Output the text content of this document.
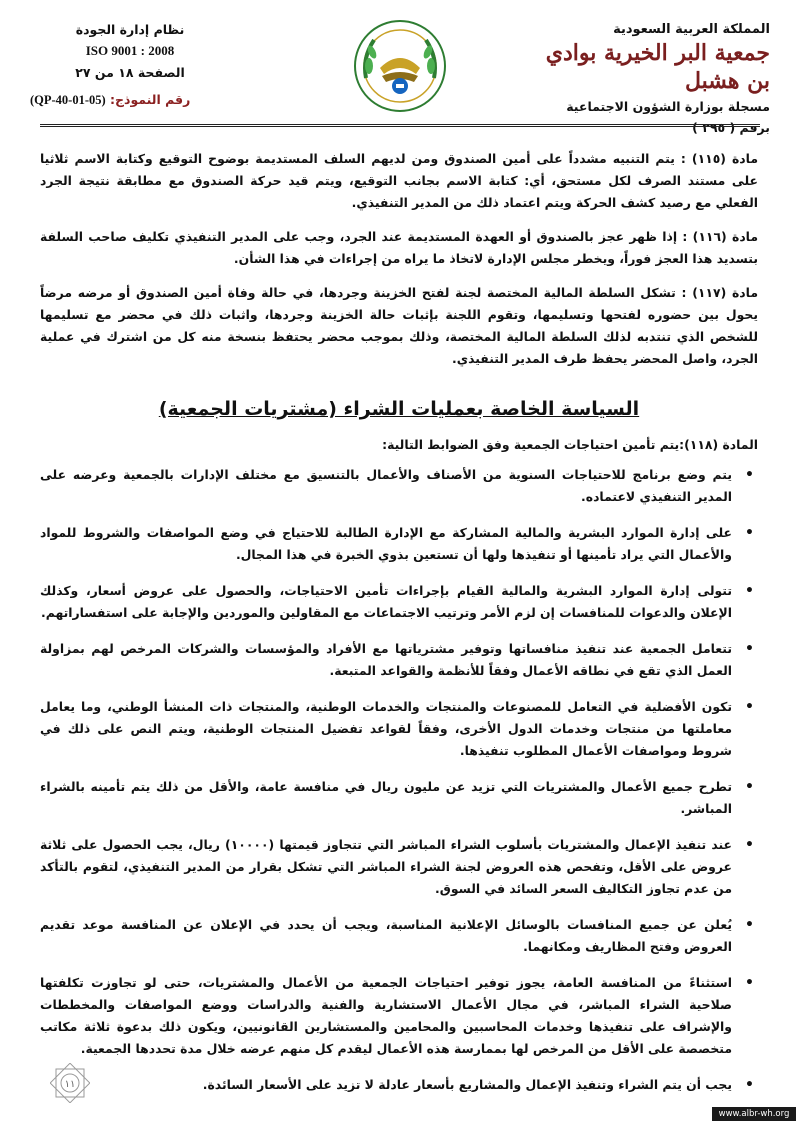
المملكة العربية السعودية
جمعية البر الخيرية بوادي بن هشبل
مسجلة بوزارة الشؤون الاجتماعية
برقم ( ٢٩٥ )
نظام إدارة الجودة
ISO 9001 : 2008
الصفحة ١٨ من ٢٧
رقم النموذج: (QP-40-01-05)

مادة (١١٥) : يتم التنبيه مشدداً على أمين الصندوق ومن لديهم السلف المستديمة بوضوح التوقيع وكتابة الاسم ثلاثيا على مستند الصرف لكل مستحق، أي: كتابة الاسم بجانب التوقيع، ويتم قيد حركة الصندوق مع مطابقة نتيجة الجرد الفعلي مع رصيد كشف الحركة ويتم اعتماد ذلك من المدير التنفيذي.

مادة (١١٦) : إذا ظهر عجز بالصندوق أو العهدة المستديمة عند الجرد، وجب على المدير التنفيذي تكليف صاحب السلفة بتسديد هذا العجز فوراً، ويخطر مجلس الإدارة لاتخاذ ما يراه من إجراءات في هذا الشأن.

مادة (١١٧) : تشكل السلطة المالية المختصة لجنة لفتح الخزينة وجردها، في حالة وفاة أمين الصندوق أو مرضه مرضاً يحول بين حضوره لفتحها وتسليمها، وتقوم اللجنة بإثبات حالة الخزينة وجردها، واثبات ذلك في محضر مع تسليمها للشخص الذي تنتدبه لذلك السلطة المالية المختصة، وذلك بموجب محضر يحتفظ بنسخة منه كل من اشترك في عملية الجرد، واصل المحضر يحفظ طرف المدير التنفيذي.

السياسة الخاصة بعمليات الشراء (مشتريات الجمعية)

المادة (١١٨):يتم تأمين احتياجات الجمعية وفق الضوابط التالية:

• يتم وضع برنامج للاحتياجات السنوية من الأصناف والأعمال بالتنسيق مع مختلف الإدارات بالجمعية وعرضه على المدير التنفيذي لاعتماده.
• على إدارة الموارد البشرية والمالية المشاركة مع الإدارة الطالبة للاحتياج في وضع المواصفات والشروط للمواد والأعمال التي يراد تأمينها أو تنفيذها ولها أن تستعين بذوي الخبرة في هذا المجال.
• تتولى إدارة الموارد البشرية والمالية القيام بإجراءات تأمين الاحتياجات، والحصول على عروض أسعار، وكذلك الإعلان والدعوات للمنافسات إن لزم الأمر وترتيب الاجتماعات مع المقاولين والموردين والإجابة على استفساراتهم.
• تتعامل الجمعية عند تنفيذ منافساتها وتوفير مشترياتها مع الأفراد والمؤسسات والشركات المرخص لهم بمزاولة العمل الذي تقع في نطاقه الأعمال وفقاً للأنظمة والقواعد المتبعة.
• تكون الأفضلية في التعامل للمصنوعات والمنتجات والخدمات الوطنية، والمنتجات ذات المنشأ الوطني، وما يعامل معاملتها من منتجات وخدمات الدول الأخرى، وفقاً لقواعد تفضيل المنتجات الوطنية، ويتم النص على ذلك في شروط ومواصفات الأعمال المطلوب تنفيذها.
• تطرح جميع الأعمال والمشتريات التي تزيد عن مليون ريال في منافسة عامة، والأقل من ذلك يتم تأمينه بالشراء المباشر.
• عند تنفيذ الإعمال والمشتريات بأسلوب الشراء المباشر التي تتجاوز قيمتها (١٠٠٠٠) ريال، يجب الحصول على ثلاثة عروض على الأقل، وتفحص هذه العروض لجنة الشراء المباشر التي تشكل بقرار من المدير التنفيذي، لتقوم بالتأكد من عدم تجاوز التكاليف السعر السائد في السوق.
• يُعلن عن جميع المنافسات بالوسائل الإعلانية المناسبة، ويجب أن يحدد في الإعلان عن المنافسة موعد تقديم العروض وفتح المظاريف ومكانهما.
• استثناءً من المنافسة العامة، يجوز توفير احتياجات الجمعية من الأعمال والمشتريات، حتى لو تجاوزت تكلفتها صلاحية الشراء المباشر، في مجال الأعمال الاستشارية والفنية والدراسات ووضع المواصفات والمخططات والإشراف على تنفيذها وخدمات المحاسبين والمحامين والمستشارين القانونيين، ويكون ذلك بدعوة ثلاثة مكاتب متخصصة على الأقل من المرخص لها بممارسة هذه الأعمال ليقدم كل منهم عرضه خلال مدة تحددها الجمعية.
• يجب أن يتم الشراء وتنفيذ الإعمال والمشاريع بأسعار عادلة لا تزيد على الأسعار السائدة.
١١
www.albr-wh.org
